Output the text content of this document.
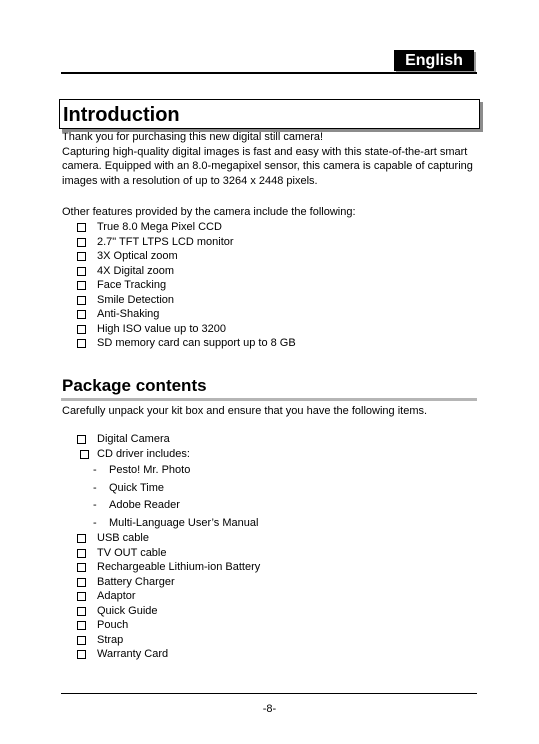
English
Introduction
Thank you for purchasing this new digital still camera!
Capturing high-quality digital images is fast and easy with this state-of-the-art smart
camera. Equipped with an 8.0-megapixel sensor, this camera is capable of capturing
images with a resolution of up to 3264 x 2448 pixels.
Other features provided by the camera include the following:
True 8.0 Mega Pixel CCD
2.7" TFT LTPS LCD monitor
3X Optical zoom
4X Digital zoom
Face Tracking
Smile Detection
Anti-Shaking
High ISO value up to 3200
SD memory card can support up to 8 GB
Package contents
Carefully unpack your kit box and ensure that you have the following items.
Digital Camera
CD driver includes:
- Pesto! Mr. Photo
- Quick Time
- Adobe Reader
- Multi-Language User’s Manual
USB cable
TV OUT cable
Rechargeable Lithium-ion Battery
Battery Charger
Adaptor
Quick Guide
Pouch
Strap
Warranty Card
-8-
